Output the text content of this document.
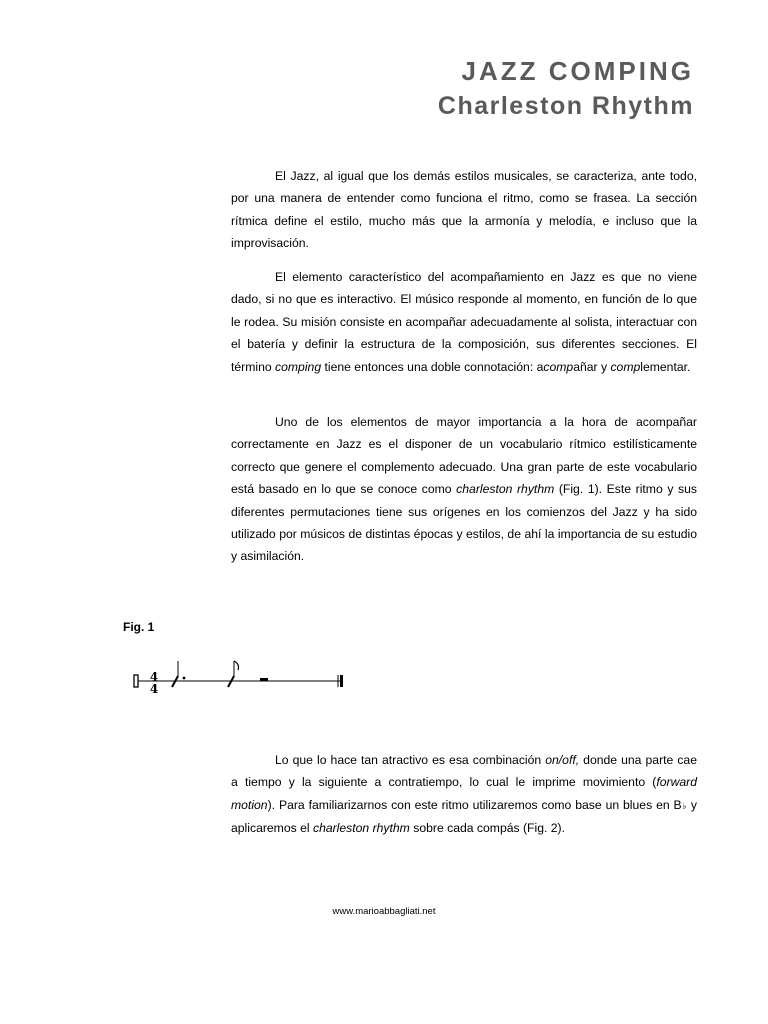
JAZZ COMPING
Charleston Rhythm

El Jazz, al igual que los demás estilos musicales, se caracteriza, ante todo, por una manera de entender como funciona el ritmo, como se frasea. La sección rítmica define el estilo, mucho más que la armonía y melodía, e incluso que la improvisación.

El elemento característico del acompañamiento en Jazz es que no viene dado, si no que es interactivo. El músico responde al momento, en función de lo que le rodea. Su misión consiste en acompañar adecuadamente al solista, interactuar con el batería y definir la estructura de la composición, sus diferentes secciones. El término comping tiene entonces una doble connotación: acompañar y complementar.

Uno de los elementos de mayor importancia a la hora de acompañar correctamente en Jazz es el disponer de un vocabulario rítmico estilísticamente correcto que genere el complemento adecuado. Una gran parte de este vocabulario está basado en lo que se conoce como charleston rhythm (Fig. 1). Este ritmo y sus diferentes permutaciones tiene sus orígenes en los comienzos del Jazz y ha sido utilizado por músicos de distintas épocas y estilos, de ahí la importancia de su estudio y asimilación.

Fig. 1
4
4

Lo que lo hace tan atractivo es esa combinación on/off, donde una parte cae a tiempo y la siguiente a contratiempo, lo cual le imprime movimiento (forward motion). Para familiarizarnos con este ritmo utilizaremos como base un blues en B♭ y aplicaremos el charleston rhythm sobre cada compás (Fig. 2).

www.marioabbagliati.net
